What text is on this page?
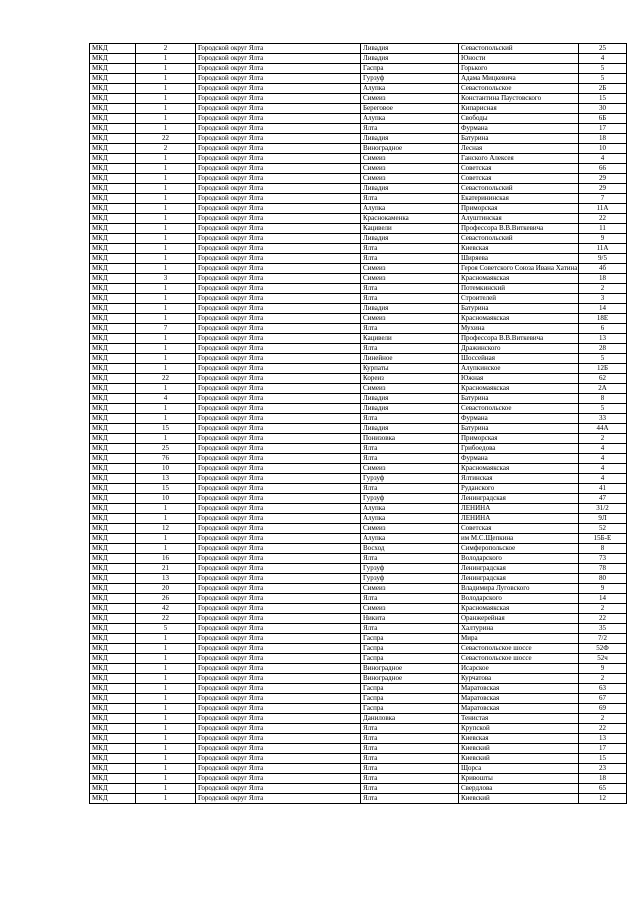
МКД	2	Городской округ Ялта	Ливадия	Севастопольский	25
МКД	1	Городской округ Ялта	Ливадия	Юности	4
МКД	1	Городской округ Ялта	Гаспра	Горького	5
МКД	1	Городской округ Ялта	Гурзуф	Адама Мицкевича	5
МКД	1	Городской округ Ялта	Алупка	Севастопольское	2Б
МКД	1	Городской округ Ялта	Симеиз	Константина Паустовского	15
МКД	1	Городской округ Ялта	Береговое	Кипарисная	30
МКД	1	Городской округ Ялта	Алупка	Свободы	6Б
МКД	1	Городской округ Ялта	Ялта	Фурмана	17
МКД	22	Городской округ Ялта	Ливадия	Батурина	18
МКД	2	Городской округ Ялта	Виноградное	Лесная	10
МКД	1	Городской округ Ялта	Симеиз	Ганского Алексея	4
МКД	1	Городской округ Ялта	Симеиз	Советская	66
МКД	1	Городской округ Ялта	Симеиз	Советская	29
МКД	1	Городской округ Ялта	Ливадия	Севастопольский	29
МКД	1	Городской округ Ялта	Ялта	Екатерининская	7
МКД	1	Городской округ Ялта	Алупка	Приморская	11А
МКД	1	Городской округ Ялта	Краснокаменка	Алуштинская	22
МКД	1	Городской округ Ялта	Кацивели	Профессора В.В.Виткевича	11
МКД	1	Городской округ Ялта	Ливадия	Севастопольский	9
МКД	1	Городской округ Ялта	Ялта	Киевская	11А
МКД	1	Городской округ Ялта	Ялта	Ширяева	9/5
МКД	1	Городской округ Ялта	Симеиз	Героя Советского Союза Ивана Хатина	4б
МКД	3	Городской округ Ялта	Симеиз	Красномаякская	18
МКД	1	Городской округ Ялта	Ялта	Потемкинский	2
МКД	1	Городской округ Ялта	Ялта	Строителей	3
МКД	1	Городской округ Ялта	Ливадия	Батурина	14
МКД	1	Городской округ Ялта	Симеиз	Красномаякская	18Е
МКД	7	Городской округ Ялта	Ялта	Мухина	6
МКД	1	Городской округ Ялта	Кацивели	Профессора В.В.Виткевича	13
МКД	1	Городской округ Ялта	Ялта	Дражинского	28
МКД	1	Городской округ Ялта	Линейное	Шоссейная	5
МКД	1	Городской округ Ялта	Курпаты	Алупкинское	12Б
МКД	22	Городской округ Ялта	Кореиз	Южная	62
МКД	1	Городской округ Ялта	Симеиз	Красномаякская	2А
МКД	4	Городской округ Ялта	Ливадия	Батурина	8
МКД	1	Городской округ Ялта	Ливадия	Севастопольское	5
МКД	1	Городской округ Ялта	Ялта	Фурмана	33
МКД	15	Городской округ Ялта	Ливадия	Батурина	44А
МКД	1	Городской округ Ялта	Понизовка	Приморская	2
МКД	25	Городской округ Ялта	Ялта	Грибоедова	4
МКД	76	Городской округ Ялта	Ялта	Фурмана	4
МКД	10	Городской округ Ялта	Симеиз	Красномаякская	4
МКД	13	Городской округ Ялта	Гурзуф	Ялтинская	4
МКД	15	Городской округ Ялта	Ялта	Руданского	41
МКД	10	Городской округ Ялта	Гурзуф	Ленинградская	47
МКД	1	Городской округ Ялта	Алупка	ЛЕНИНА	31/2
МКД	1	Городской округ Ялта	Алупка	ЛЕНИНА	9Л
МКД	12	Городской округ Ялта	Симеиз	Советская	52
МКД	1	Городской округ Ялта	Алупка	им М.С.Щепкина	15Б-Е
МКД	1	Городской округ Ялта	Восход	Симферопольское	8
МКД	16	Городской округ Ялта	Ялта	Володарского	73
МКД	21	Городской округ Ялта	Гурзуф	Ленинградская	78
МКД	13	Городской округ Ялта	Гурзуф	Ленинградская	80
МКД	20	Городской округ Ялта	Симеиз	Владимира Луговского	9
МКД	26	Городской округ Ялта	Ялта	Володарского	14
МКД	42	Городской округ Ялта	Симеиз	Красномаякская	2
МКД	22	Городской округ Ялта	Никита	Оранжерейная	22
МКД	5	Городской округ Ялта	Ялта	Халтурина	35
МКД	1	Городской округ Ялта	Гаспра	Мира	7/2
МКД	1	Городской округ Ялта	Гаспра	Севастопольское шоссе	52Ф
МКД	1	Городской округ Ялта	Гаспра	Севастопольское шоссе	52ч
МКД	1	Городской округ Ялта	Виноградное	Исарское	9
МКД	1	Городской округ Ялта	Виноградное	Курчатова	2
МКД	1	Городской округ Ялта	Гаспра	Маратовская	63
МКД	1	Городской округ Ялта	Гаспра	Маратовская	67
МКД	1	Городской округ Ялта	Гаспра	Маратовская	69
МКД	1	Городской округ Ялта	Даниловка	Тенистая	2
МКД	1	Городской округ Ялта	Ялта	Крупской	22
МКД	1	Городской округ Ялта	Ялта	Киевская	13
МКД	1	Городской округ Ялта	Ялта	Киевский	17
МКД	1	Городской округ Ялта	Ялта	Киевский	15
МКД	1	Городской округ Ялта	Ялта	Щорса	23
МКД	1	Городской округ Ялта	Ялта	Кривошты	18
МКД	1	Городской округ Ялта	Ялта	Свердлова	65
МКД	1	Городской округ Ялта	Ялта	Киевский	12
